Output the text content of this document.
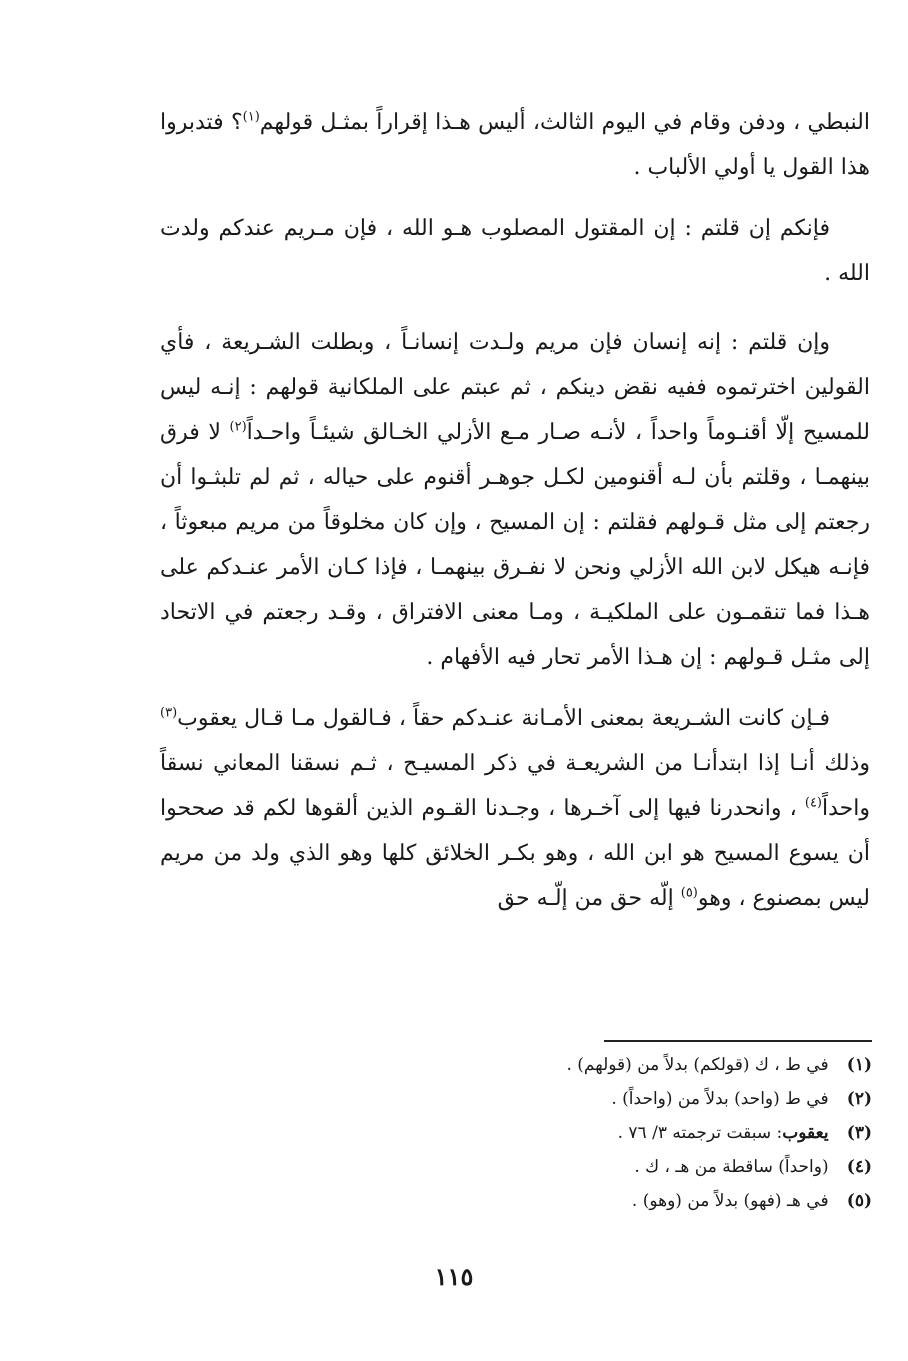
النبطي ، ودفن وقام في اليوم الثالث، أليس هـذا إقراراً بمثـل قولهم$^{(١)}$؟ فتدبروا هذا القول يا أولي الألباب .

فإنكم إن قلتم : إن المقتول المصلوب هـو الله ، فإن مـريم عندكم ولدت الله .

وإن قلتم : إنه إنسان فإن مريم ولـدت إنسانـاً ، وبطلت الشـريعة ، فأي القولين اخترتموه ففيه نقض دينكم ، ثم عبتم على الملكانية قولهم : إنـه ليس للمسيح إلّا أقنـوماً واحداً ، لأنـه صـار مـع الأزلي الخـالق شيئـاً واحـداً$^{(٢)}$ لا فرق بينهمـا ، وقلتم بأن لـه أقنومين لكـل جوهـر أقنوم على حياله ، ثم لم تلبثـوا أن رجعتم إلى مثل قـولهم فقلتم : إن المسيح ، وإن كان مخلوقاً من مريم مبعوثاً ، فإنـه هيكل لابن الله الأزلي ونحن لا نفـرق بينهمـا ، فإذا كـان الأمر عنـدكم على هـذا فما تنقمـون على الملكيـة ، ومـا معنى الافتراق ، وقـد رجعتم في الاتحاد إلى مثـل قـولهم : إن هـذا الأمر تحار فيه الأفهام .

فـإن كانت الشـريعة بمعنى الأمـانة عنـدكم حقاً ، فـالقول مـا قـال يعقوب$^{(٣)}$ وذلك أنـا إذا ابتدأنـا من الشريعـة في ذكر المسيـح ، ثـم نسقنا المعاني نسقاً واحداً$^{(٤)}$ ، وانحدرنا فيها إلى آخـرها ، وجـدنا القـوم الذين ألقوها لكم قد صححوا أن يسوع المسيح هو ابن الله ، وهو بكـر الخلائق كلها وهو الذي ولد من مريم ليس بمصنوع ، وهو$^{(٥)}$ إلّه حق من إلّـه حق

(١) في ط ، ك (قولكم) بدلاً من (قولهم) .
(٢) في ط (واحد) بدلاً من (واحداً) .
(٣) يعقوب: سبقت ترجمته ٣/ ٧٦ .
(٤) (واحداً) ساقطة من هـ ، ك .
(٥) في هـ (فهو) بدلاً من (وهو) .
١١٥
